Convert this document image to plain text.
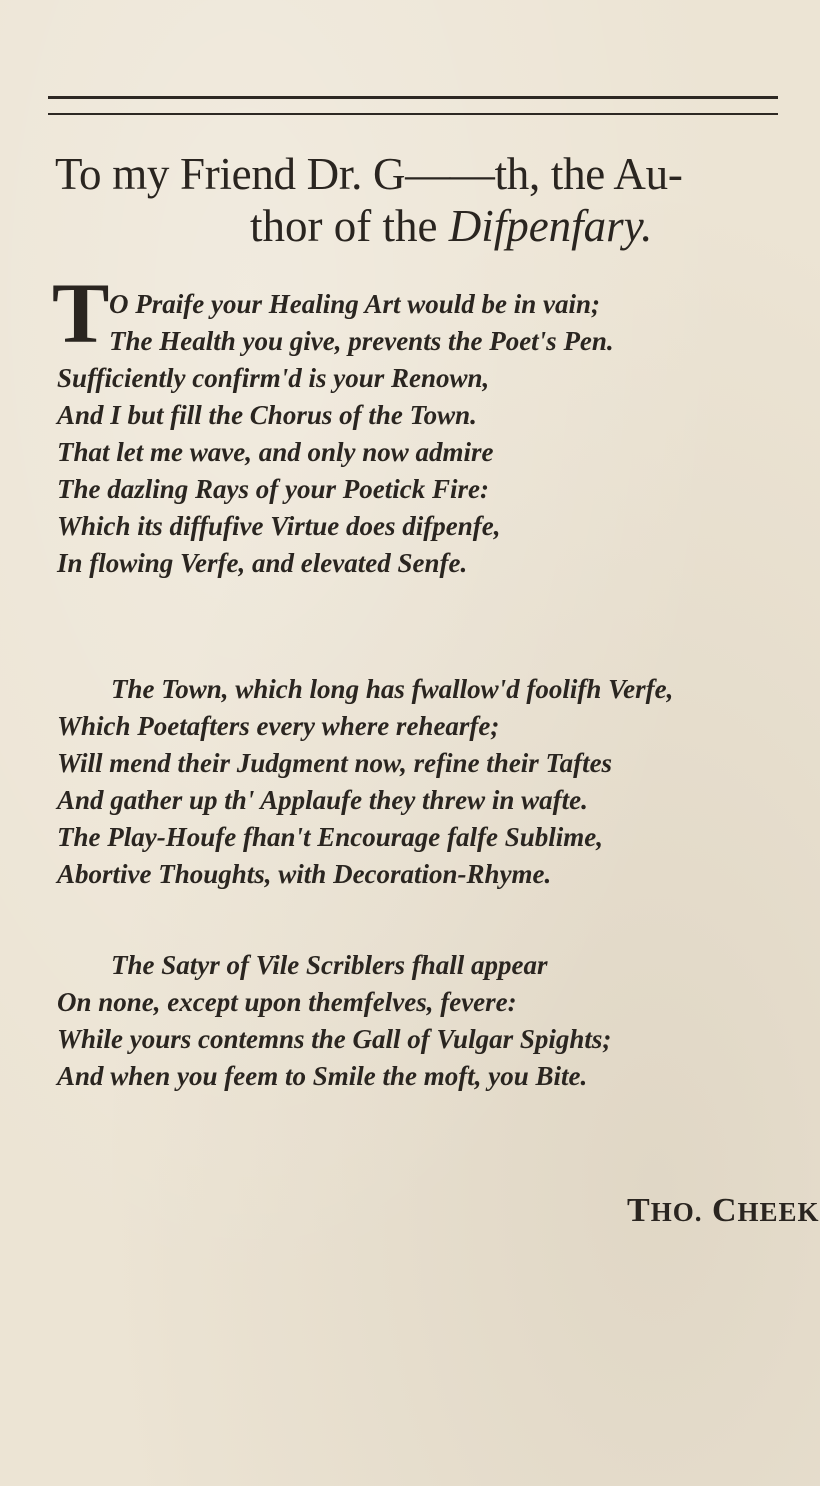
To my Friend Dr. G——th, the Au-
thor of the Difpenfary.
T O Praife your Healing Art would be in vain;
The Health you give, prevents the Poet's Pen.
Sufficiently confirm'd is your Renown,
And I but fill the Chorus of the Town.
That let me wave, and only now admire
The dazling Rays of your Poetick Fire:
Which its diffufive Virtue does difpenfe,
In flowing Verfe, and elevated Senfe.
The Town, which long has fwallow'd foolifh Verfe,
Which Poetafters every where rehearfe;
Will mend their Judgment now, refine their Taftes
And gather up th' Applaufe they threw in wafte.
The Play-Houfe fhan't Encourage falfe Sublime,
Abortive Thoughts, with Decoration-Rhyme.
The Satyr of Vile Scriblers fhall appear
On none, except upon themfelves, fevere:
While yours contemns the Gall of Vulgar Spights;
And when you feem to Smile the moft, you Bite.
THO. CHEEK
